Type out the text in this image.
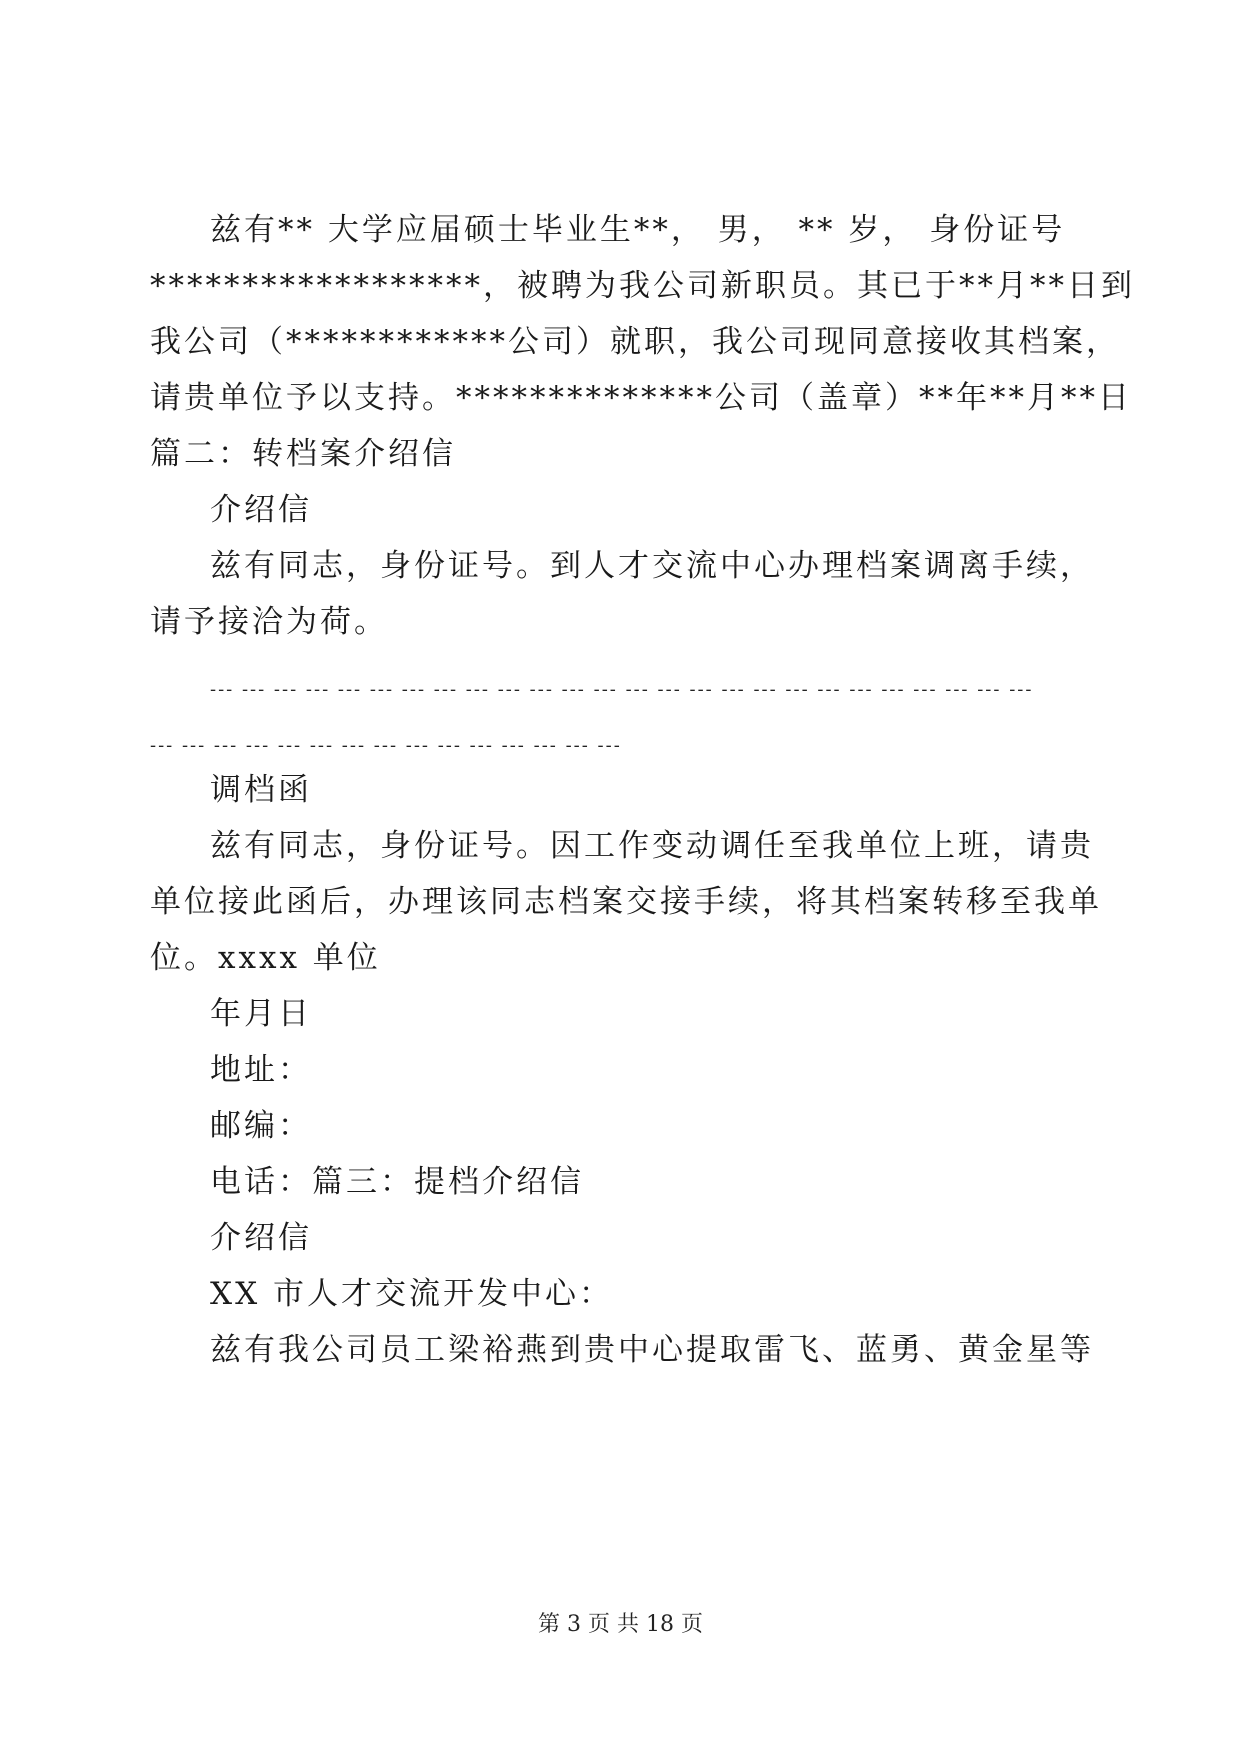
兹有** 大学应届硕士毕业生**， 男， ** 岁， 身份证号
******************，被聘为我公司新职员。其已于**月**日到
我公司（************公司）就职，我公司现同意接收其档案，
请贵单位予以支持。**************公司（盖章）**年**月**日
篇二：转档案介绍信
介绍信
兹有同志，身份证号。到人才交流中心办理档案调离手续，
请予接洽为荷。
--- --- --- --- --- --- --- --- --- --- --- --- --- --- --- --- --- --- --- --- --- --- --- --- --- ---
--- --- --- --- --- --- --- --- --- --- --- --- --- --- ---
调档函
兹有同志，身份证号。因工作变动调任至我单位上班，请贵
单位接此函后，办理该同志档案交接手续，将其档案转移至我单
位。xxxx 单位
年月日
地址：
邮编：
电话：篇三：提档介绍信
介绍信
XX 市人才交流开发中心：
兹有我公司员工梁裕燕到贵中心提取雷飞、蓝勇、黄金星等
第 3 页 共 18 页
